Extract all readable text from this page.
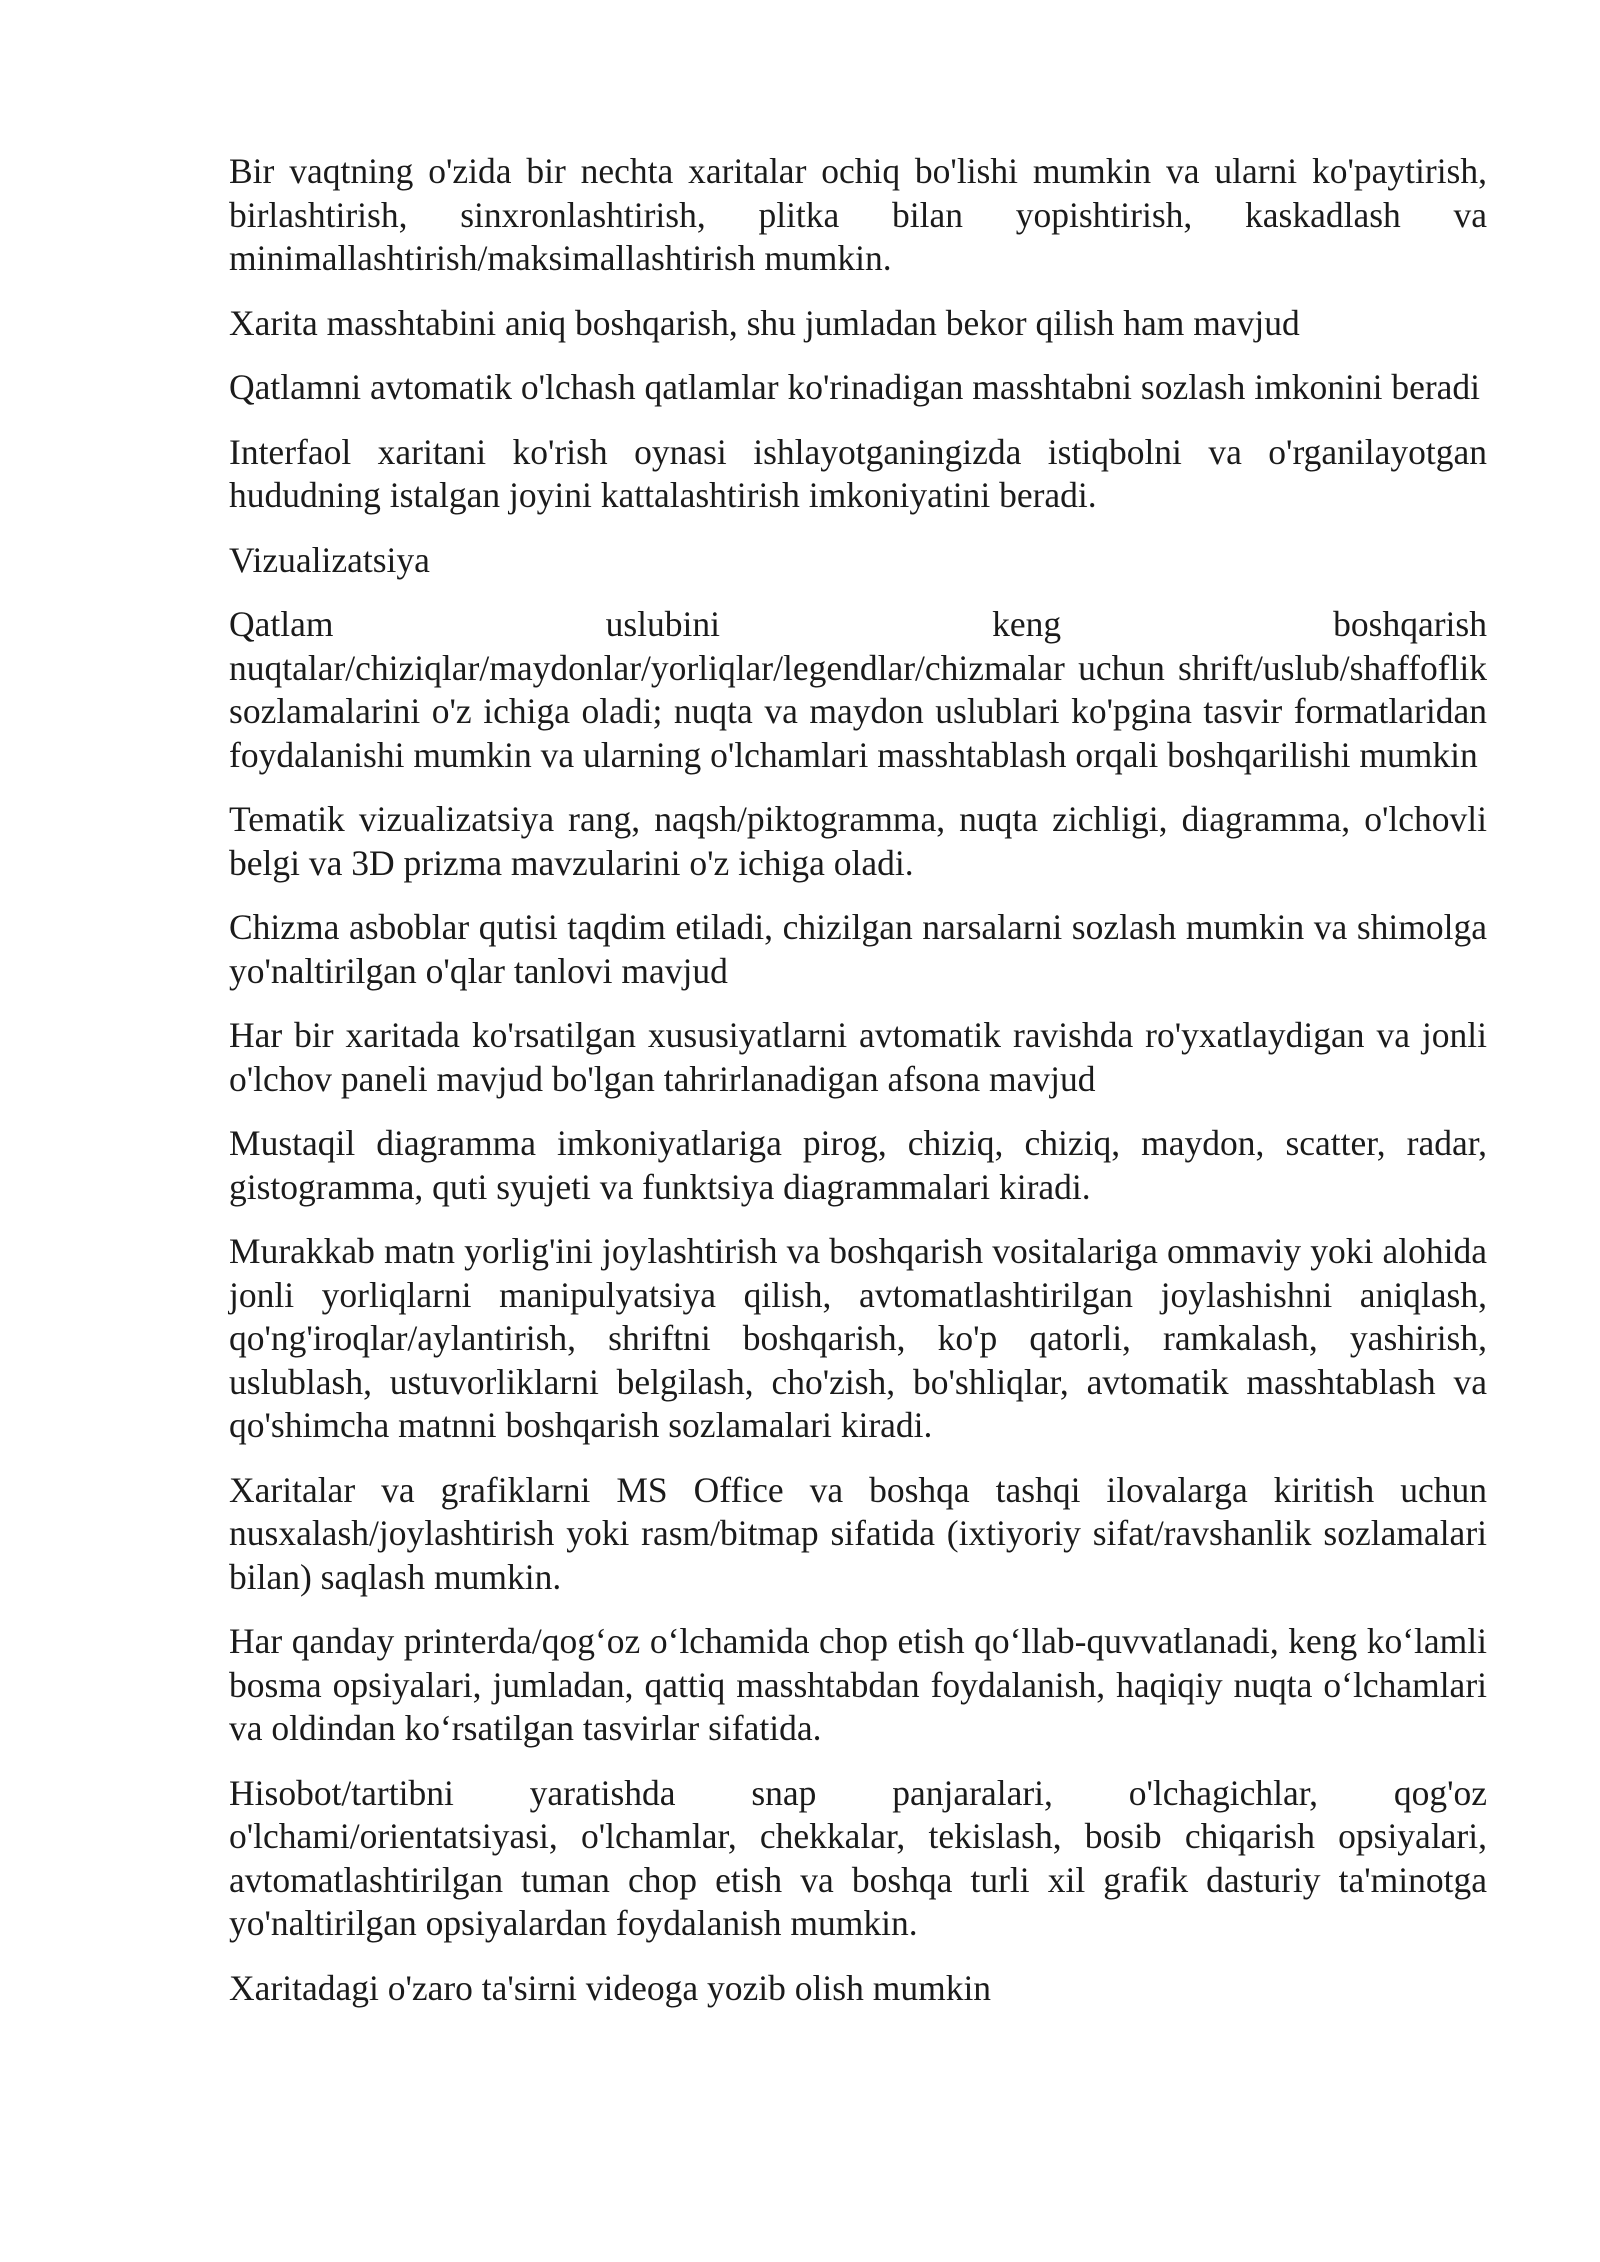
Bir vaqtning o'zida bir nechta xaritalar ochiq bo'lishi mumkin va ularni ko'paytirish, birlashtirish, sinxronlashtirish, plitka bilan yopishtirish, kaskadlash va minimallashtirish/maksimallashtirish mumkin.

Xarita masshtabini aniq boshqarish, shu jumladan bekor qilish ham mavjud

Qatlamni avtomatik o'lchash qatlamlar ko'rinadigan masshtabni sozlash imkonini beradi

Interfaol xaritani ko'rish oynasi ishlayotganingizda istiqbolni va o'rganilayotgan hududning istalgan joyini kattalashtirish imkoniyatini beradi.

Vizualizatsiya

Qatlam uslubini keng boshqarish nuqtalar/chiziqlar/maydonlar/yorliqlar/legendlar/chizmalar uchun shrift/uslub/shaffoflik sozlamalarini o'z ichiga oladi; nuqta va maydon uslublari ko'pgina tasvir formatlaridan foydalanishi mumkin va ularning o'lchamlari masshtablash orqali boshqarilishi mumkin

Tematik vizualizatsiya rang, naqsh/piktogramma, nuqta zichligi, diagramma, o'lchovli belgi va 3D prizma mavzularini o'z ichiga oladi.

Chizma asboblar qutisi taqdim etiladi, chizilgan narsalarni sozlash mumkin va shimolga yo'naltirilgan o'qlar tanlovi mavjud

Har bir xaritada ko'rsatilgan xususiyatlarni avtomatik ravishda ro'yxatlaydigan va jonli o'lchov paneli mavjud bo'lgan tahrirlanadigan afsona mavjud

Mustaqil diagramma imkoniyatlariga pirog, chiziq, chiziq, maydon, scatter, radar, gistogramma, quti syujeti va funktsiya diagrammalari kiradi.

Murakkab matn yorlig'ini joylashtirish va boshqarish vositalariga ommaviy yoki alohida jonli yorliqlarni manipulyatsiya qilish, avtomatlashtirilgan joylashishni aniqlash, qo'ng'iroqlar/aylantirish, shriftni boshqarish, ko'p qatorli, ramkalash, yashirish, uslublash, ustuvorliklarni belgilash, cho'zish, bo'shliqlar, avtomatik masshtablash va qo'shimcha matnni boshqarish sozlamalari kiradi.

Xaritalar va grafiklarni MS Office va boshqa tashqi ilovalarga kiritish uchun nusxalash/joylashtirish yoki rasm/bitmap sifatida (ixtiyoriy sifat/ravshanlik sozlamalari bilan) saqlash mumkin.

Har qanday printerda/qog‘oz o‘lchamida chop etish qo‘llab-quvvatlanadi, keng ko‘lamli bosma opsiyalari, jumladan, qattiq masshtabdan foydalanish, haqiqiy nuqta o‘lchamlari va oldindan ko‘rsatilgan tasvirlar sifatida.

Hisobot/tartibni yaratishda snap panjaralari, o'lchagichlar, qog'oz o'lchami/orientatsiyasi, o'lchamlar, chekkalar, tekislash, bosib chiqarish opsiyalari, avtomatlashtirilgan tuman chop etish va boshqa turli xil grafik dasturiy ta'minotga yo'naltirilgan opsiyalardan foydalanish mumkin.

Xaritadagi o'zaro ta'sirni videoga yozib olish mumkin
